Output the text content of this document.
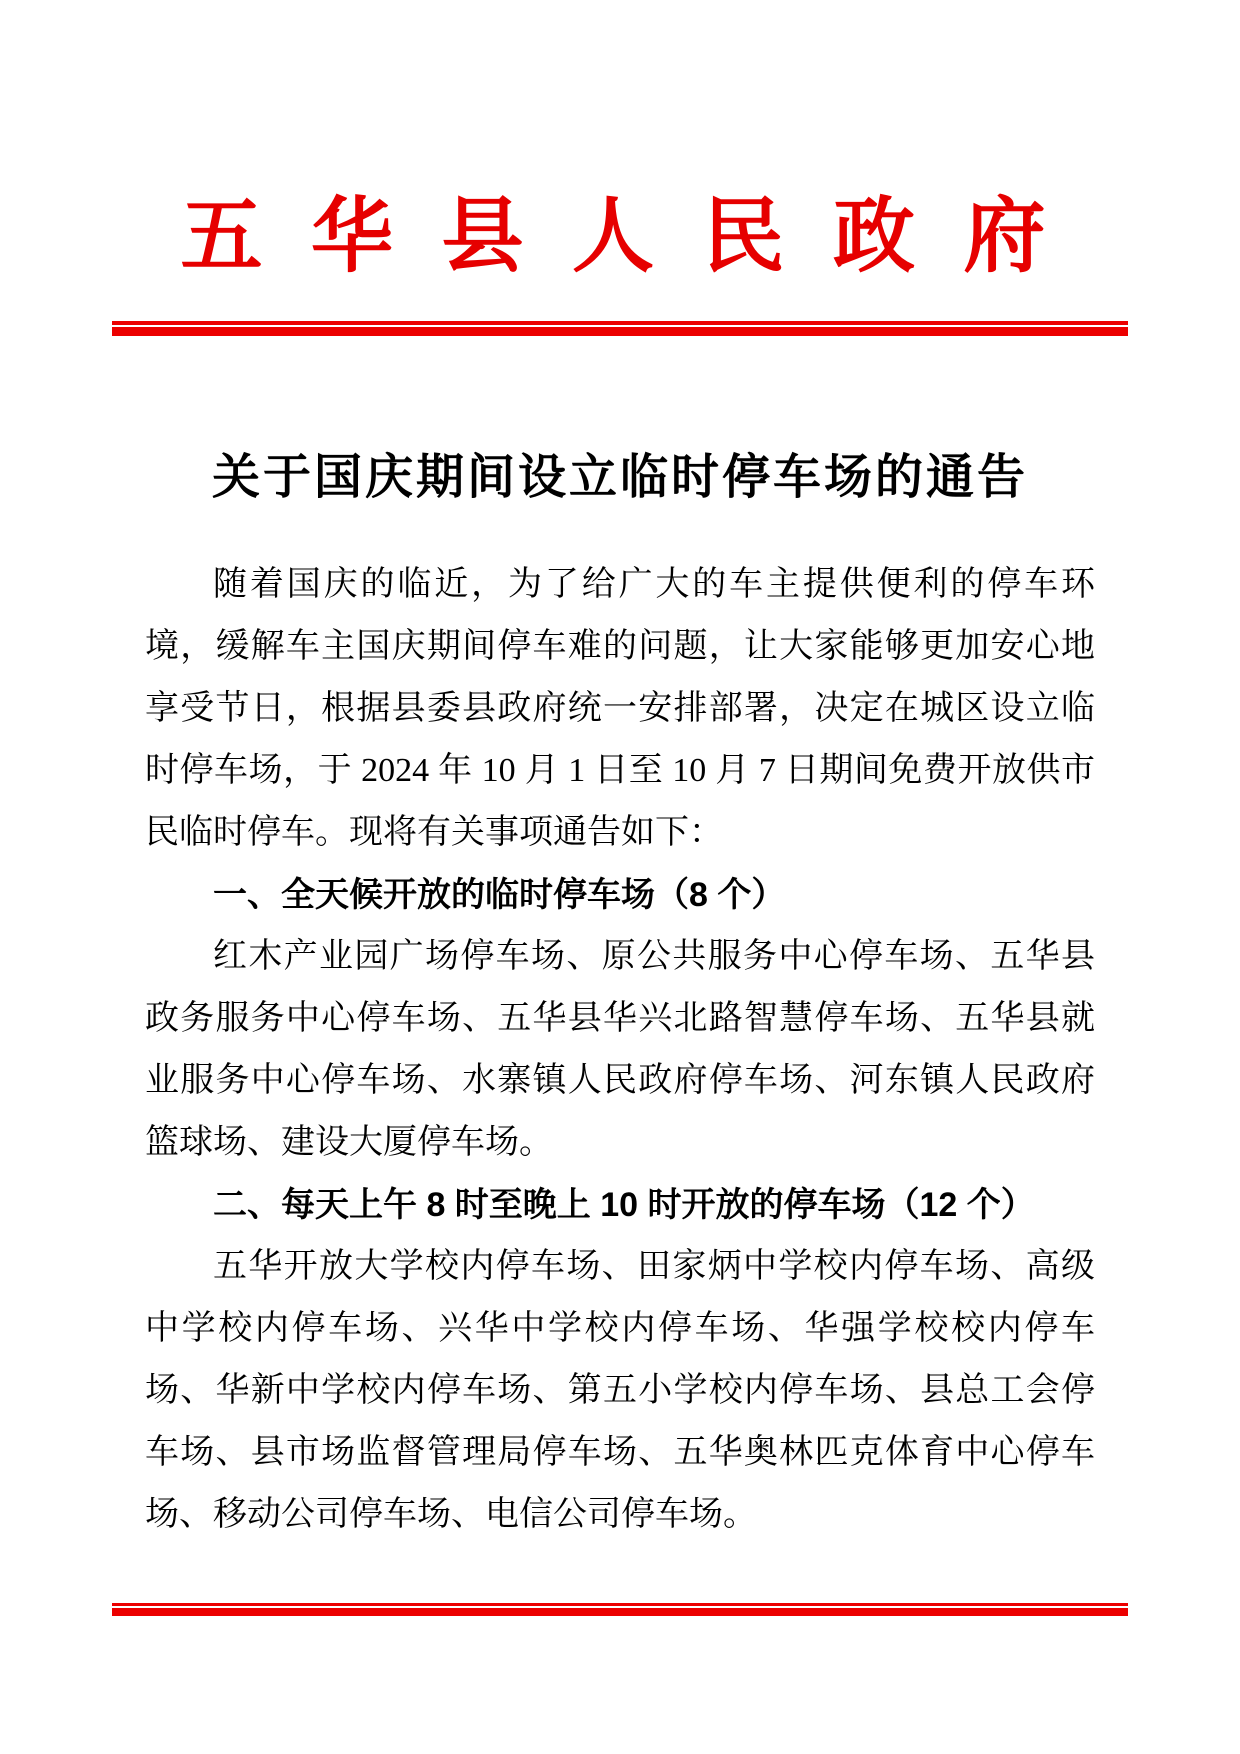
五 华 县 人 民 政 府
关于国庆期间设立临时停车场的通告

随着国庆的临近，为了给广大的车主提供便利的停车环境，缓解车主国庆期间停车难的问题，让大家能够更加安心地享受节日，根据县委县政府统一安排部署，决定在城区设立临时停车场，于 2024 年 10 月 1 日至 10 月 7 日期间免费开放供市民临时停车。现将有关事项通告如下：

一、全天候开放的临时停车场（8 个）

红木产业园广场停车场、原公共服务中心停车场、五华县政务服务中心停车场、五华县华兴北路智慧停车场、五华县就业服务中心停车场、水寨镇人民政府停车场、河东镇人民政府篮球场、建设大厦停车场。

二、每天上午 8 时至晚上 10 时开放的停车场（12 个）

五华开放大学校内停车场、田家炳中学校内停车场、高级中学校内停车场、兴华中学校内停车场、华强学校校内停车场、华新中学校内停车场、第五小学校内停车场、县总工会停车场、县市场监督管理局停车场、五华奥林匹克体育中心停车场、移动公司停车场、电信公司停车场。
